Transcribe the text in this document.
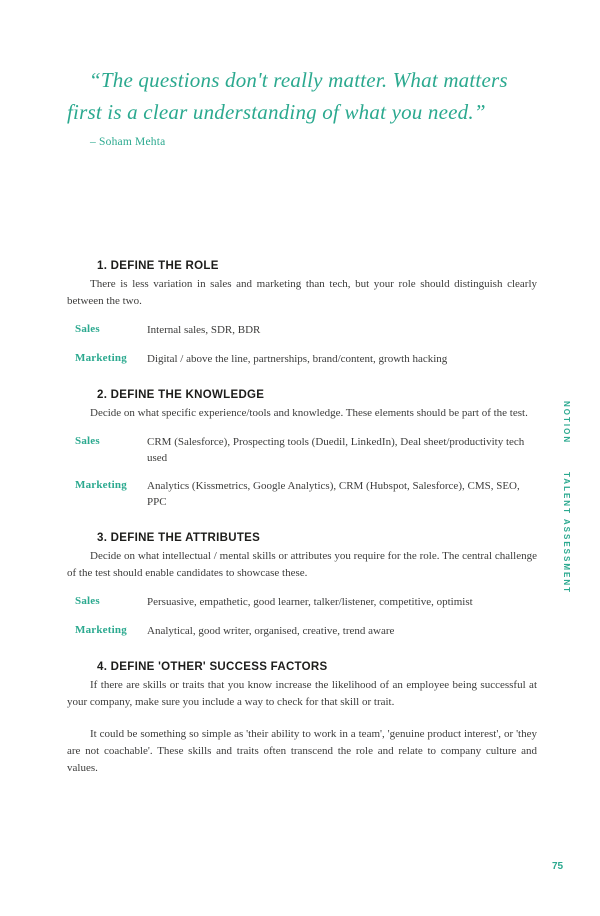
“The questions don't really matter. What matters first is a clear understanding of what you need.”

– Soham Mehta

1. DEFINE THE ROLE

There is less variation in sales and marketing than tech, but your role should distinguish clearly between the two.

Sales	Internal sales, SDR, BDR
Marketing	Digital / above the line, partnerships, brand/content, growth hacking
2. DEFINE THE KNOWLEDGE

Decide on what specific experience/tools and knowledge. These elements should be part of the test.

Sales	CRM (Salesforce), Prospecting tools (Duedil, LinkedIn), Deal sheet/productivity tech used
Marketing	Analytics (Kissmetrics, Google Analytics), CRM (Hubspot, Salesforce), CMS, SEO, PPC
3. DEFINE THE ATTRIBUTES

Decide on what intellectual / mental skills or attributes you require for the role. The central challenge of the test should enable candidates to showcase these.

Sales	Persuasive, empathetic, good learner, talker/listener, competitive, optimist
Marketing	Analytical, good writer, organised, creative, trend aware
4. DEFINE 'OTHER' SUCCESS FACTORS

If there are skills or traits that you know increase the likelihood of an employee being successful at your company, make sure you include a way to check for that skill or trait.

It could be something so simple as 'their ability to work in a team', 'genuine product interest', or 'they are not coachable'. These skills and traits often transcend the role and relate to company culture and values.

NOTION
TALENT ASSESSMENT
75
